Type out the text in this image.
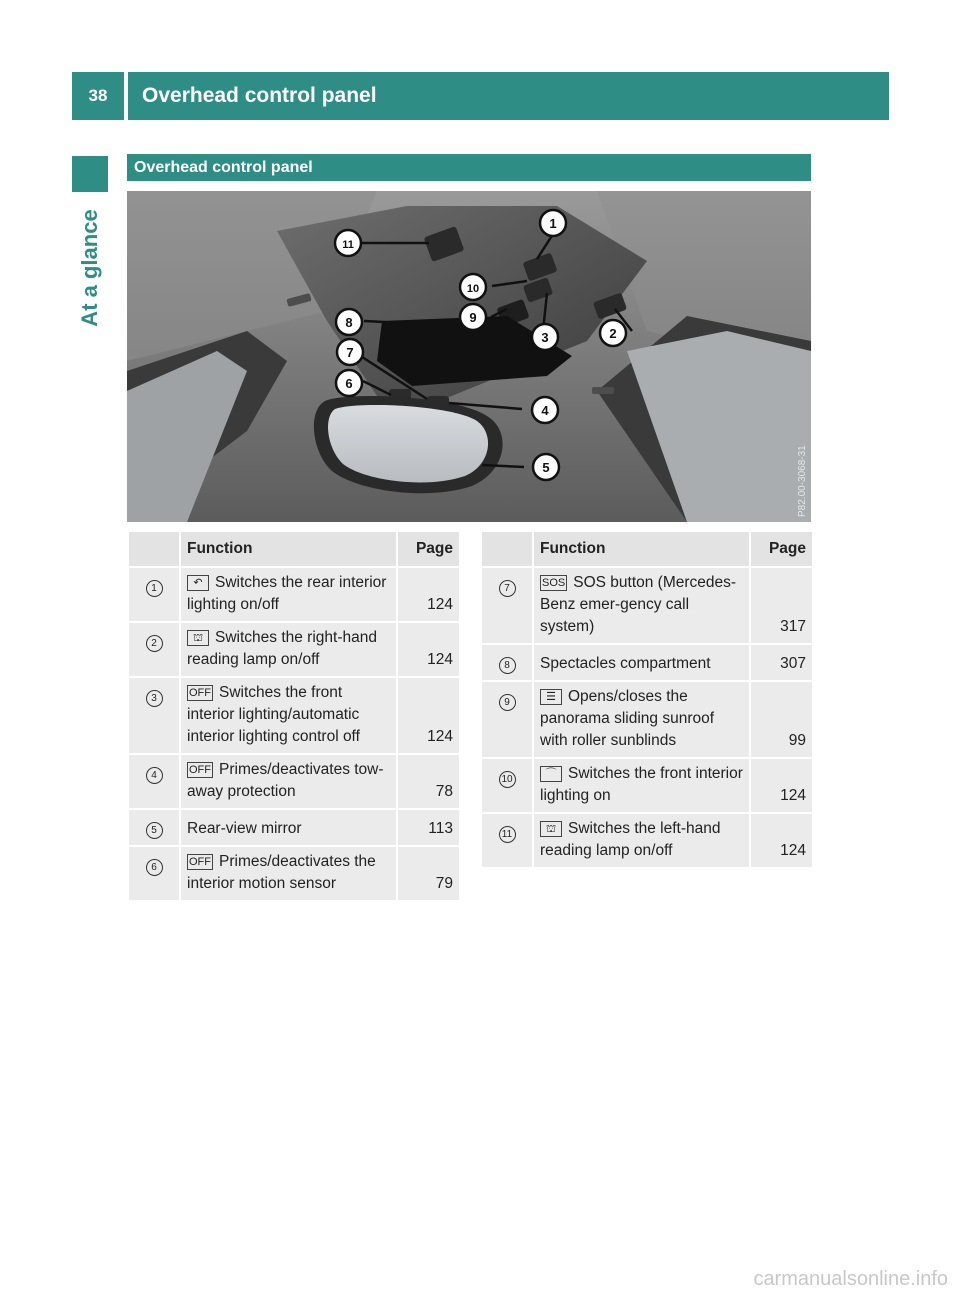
38	Overhead control panel
At a glance
Overhead control panel
1
2
3
4
5
6
7
8	9
10
11
P82.00-3068-31
	Function	Page
1	↶ Switches the rear interior lighting on/off	124
2	⛫ Switches the right-hand reading lamp on/off	124
3	OFF Switches the front interior lighting/automatic interior lighting control off	124
4	OFF Primes/deactivates tow-away protection	78
5	Rear-view mirror	113
6	OFF Primes/deactivates the interior motion sensor	79
	Function	Page
7	SOS SOS button (Mercedes-Benz emer-gency call system)	317
8	Spectacles compartment	307
9	☰ Opens/closes the panorama sliding sunroof with roller sunblinds	99
10	⌒ Switches the front interior lighting on	124
11	⛫ Switches the left-hand reading lamp on/off	124
carmanualsonline.info
